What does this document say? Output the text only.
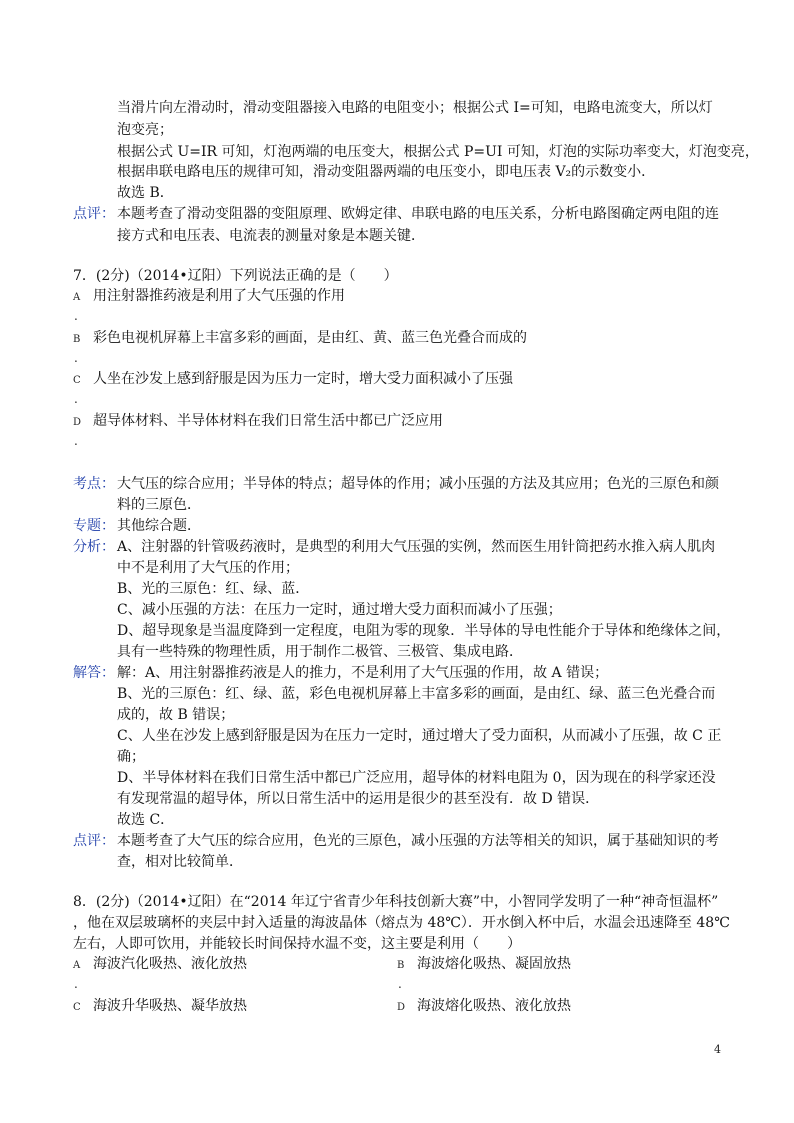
当滑片向左滑动时，滑动变阻器接入电路的电阻变小；根据公式 I=可知，电路电流变大，所以灯
泡变亮；
根据公式 U=IR 可知，灯泡两端的电压变大，根据公式 P=UI 可知，灯泡的实际功率变大，灯泡变亮，
根据串联电路电压的规律可知，滑动变阻器两端的电压变小，即电压表 V₂的示数变小．
故选 B．
点评： 本题考查了滑动变阻器的变阻原理、欧姆定律、串联电路的电压关系，分析电路图确定两电阻的连
接方式和电压表、电流表的测量对象是本题关键．
7．(2分)（2014•辽阳）下列说法正确的是（　　）
A
.
用注射器推药液是利用了大气压强的作用
B
.
彩色电视机屏幕上丰富多彩的画面，是由红、黄、蓝三色光叠合而成的
C
.
人坐在沙发上感到舒服是因为压力一定时，增大受力面积减小了压强
D
.
超导体材料、半导体材料在我们日常生活中都已广泛应用
考点： 大气压的综合应用；半导体的特点；超导体的作用；减小压强的方法及其应用；色光的三原色和颜
料的三原色．
专题： 其他综合题．
分析： A、注射器的针管吸药液时，是典型的利用大气压强的实例，然而医生用针筒把药水推入病人肌肉
中不是利用了大气压的作用；
B、光的三原色：红、绿、蓝．
C、减小压强的方法：在压力一定时，通过增大受力面积而减小了压强；
D、超导现象是当温度降到一定程度，电阻为零的现象．半导体的导电性能介于导体和绝缘体之间，
具有一些特殊的物理性质，用于制作二极管、三极管、集成电路．
解答： 解：A、用注射器推药液是人的推力，不是利用了大气压强的作用，故 A 错误；
B、光的三原色：红、绿、蓝，彩色电视机屏幕上丰富多彩的画面，是由红、绿、蓝三色光叠合而
成的，故 B 错误；
C、人坐在沙发上感到舒服是因为在压力一定时，通过增大了受力面积，从而减小了压强，故 C 正
确；
D、半导体材料在我们日常生活中都已广泛应用，超导体的材料电阻为 0，因为现在的科学家还没
有发现常温的超导体，所以日常生活中的运用是很少的甚至没有．故 D 错误．
故选 C．
点评： 本题考查了大气压的综合应用，色光的三原色，减小压强的方法等相关的知识，属于基础知识的考
查，相对比较简单．
8．(2分)（2014•辽阳）在“2014 年辽宁省青少年科技创新大赛”中，小智同学发明了一种“神奇恒温杯”
，他在双层玻璃杯的夹层中封入适量的海波晶体（熔点为 48℃）．开水倒入杯中后，水温会迅速降至 48℃
左右，人即可饮用，并能较长时间保持水温不变，这主要是利用（　　）
A
.
海波汽化吸热、液化放热	B
.
海波熔化吸热、凝固放热
C 海波升华吸热、凝华放热	D 海波熔化吸热、液化放热
4
